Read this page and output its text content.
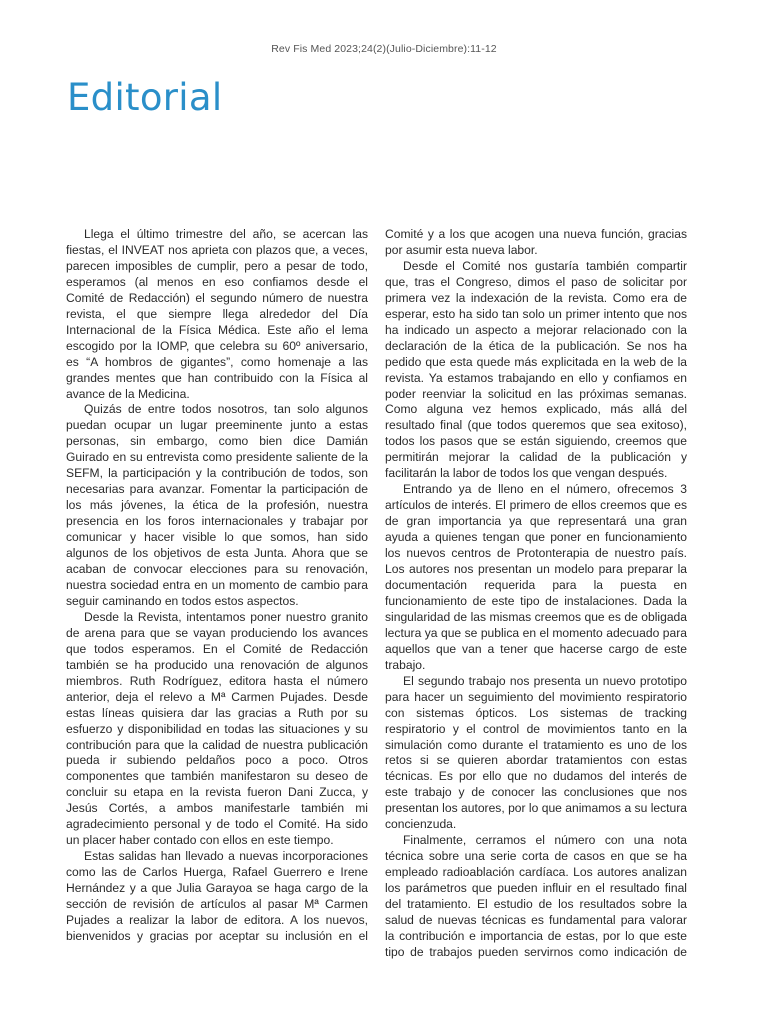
Rev Fis Med 2023;24(2)(Julio-Diciembre):11-12
Editorial

Llega el último trimestre del año, se acercan las fiestas, el INVEAT nos aprieta con plazos que, a veces, parecen imposibles de cumplir, pero a pesar de todo, esperamos (al menos en eso confiamos desde el Comité de Redacción) el segundo número de nuestra revista, el que siempre llega alrededor del Día Internacional de la Física Médica. Este año el lema escogido por la IOMP, que celebra su 60º aniversario, es “A hombros de gigantes”, como homenaje a las grandes mentes que han contribuido con la Física al avance de la Medicina.

Quizás de entre todos nosotros, tan solo algunos puedan ocupar un lugar preeminente junto a estas personas, sin embargo, como bien dice Damián Guirado en su entrevista como presidente saliente de la SEFM, la participación y la contribución de todos, son necesarias para avanzar. Fomentar la participación de los más jóvenes, la ética de la profesión, nuestra presencia en los foros internacionales y trabajar por comunicar y hacer visible lo que somos, han sido algunos de los objetivos de esta Junta. Ahora que se acaban de convocar elecciones para su renovación, nuestra sociedad entra en un momento de cambio para seguir caminando en todos estos aspectos.

Desde la Revista, intentamos poner nuestro granito de arena para que se vayan produciendo los avances que todos esperamos. En el Comité de Redacción también se ha producido una renovación de algunos miembros. Ruth Rodríguez, editora hasta el número anterior, deja el relevo a Mª Carmen Pujades. Desde estas líneas quisiera dar las gracias a Ruth por su esfuerzo y disponibilidad en todas las situaciones y su contribución para que la calidad de nuestra publicación pueda ir subiendo peldaños poco a poco. Otros componentes que también manifestaron su deseo de concluir su etapa en la revista fueron Dani Zucca, y Jesús Cortés, a ambos manifestarle también mi agradecimiento personal y de todo el Comité. Ha sido un placer haber contado con ellos en este tiempo.

Estas salidas han llevado a nuevas incorporaciones como las de Carlos Huerga, Rafael Guerrero e Irene Hernández y a que Julia Garayoa se haga cargo de la sección de revisión de artículos al pasar Mª Carmen Pujades a realizar la labor de editora. A los nuevos, bienvenidos y gracias por aceptar su inclusión en el

Comité y a los que acogen una nueva función, gracias por asumir esta nueva labor.

Desde el Comité nos gustaría también compartir que, tras el Congreso, dimos el paso de solicitar por primera vez la indexación de la revista. Como era de esperar, esto ha sido tan solo un primer intento que nos ha indicado un aspecto a mejorar relacionado con la declaración de la ética de la publicación. Se nos ha pedido que esta quede más explicitada en la web de la revista. Ya estamos trabajando en ello y confiamos en poder reenviar la solicitud en las próximas semanas. Como alguna vez hemos explicado, más allá del resultado final (que todos queremos que sea exitoso), todos los pasos que se están siguiendo, creemos que permitirán mejorar la calidad de la publicación y facilitarán la labor de todos los que vengan después.

Entrando ya de lleno en el número, ofrecemos 3 artículos de interés. El primero de ellos creemos que es de gran importancia ya que representará una gran ayuda a quienes tengan que poner en funcionamiento los nuevos centros de Protonterapia de nuestro país. Los autores nos presentan un modelo para preparar la documentación requerida para la puesta en funcionamiento de este tipo de instalaciones. Dada la singularidad de las mismas creemos que es de obligada lectura ya que se publica en el momento adecuado para aquellos que van a tener que hacerse cargo de este trabajo.

El segundo trabajo nos presenta un nuevo prototipo para hacer un seguimiento del movimiento respiratorio con sistemas ópticos. Los sistemas de tracking respiratorio y el control de movimientos tanto en la simulación como durante el tratamiento es uno de los retos si se quieren abordar tratamientos con estas técnicas. Es por ello que no dudamos del interés de este trabajo y de conocer las conclusiones que nos presentan los autores, por lo que animamos a su lectura concienzuda.

Finalmente, cerramos el número con una nota técnica sobre una serie corta de casos en que se ha empleado radioablación cardíaca. Los autores analizan los parámetros que pueden influir en el resultado final del tratamiento. El estudio de los resultados sobre la salud de nuevas técnicas es fundamental para valorar la contribución e importancia de estas, por lo que este tipo de trabajos pueden servirnos como indicación de
